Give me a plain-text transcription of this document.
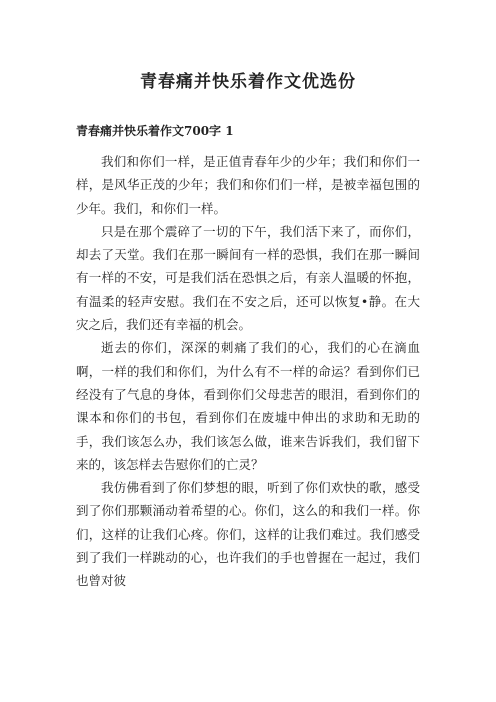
青春痛并快乐着作文优选份
青春痛并快乐着作文700字 1

我们和你们一样，是正值青春年少的少年；我们和你们一样，是风华正茂的少年；我们和你们们一样，是被幸福包围的少年。我们，和你们一样。

只是在那个震碎了一切的下午，我们活下来了，而你们，却去了天堂。我们在那一瞬间有一样的恐惧，我们在那一瞬间有一样的不安，可是我们活在恐惧之后，有亲人温暖的怀抱，有温柔的轻声安慰。我们在不安之后，还可以恢复•静。在大灾之后，我们还有幸福的机会。

逝去的你们，深深的刺痛了我们的心，我们的心在滴血啊，一样的我们和你们，为什么有不一样的命运？看到你们已经没有了气息的身体，看到你们父母悲苦的眼泪，看到你们的课本和你们的书包，看到你们在废墟中伸出的求助和无助的手，我们该怎么办，我们该怎么做，谁来告诉我们，我们留下来的，该怎样去告慰你们的亡灵？

我仿佛看到了你们梦想的眼，听到了你们欢快的歌，感受到了你们那颗涌动着希望的心。你们，这么的和我们一样。你们，这样的让我们心疼。你们，这样的让我们难过。我们感受到了我们一样跳动的心，也许我们的手也曾握在一起过，我们也曾对彼
